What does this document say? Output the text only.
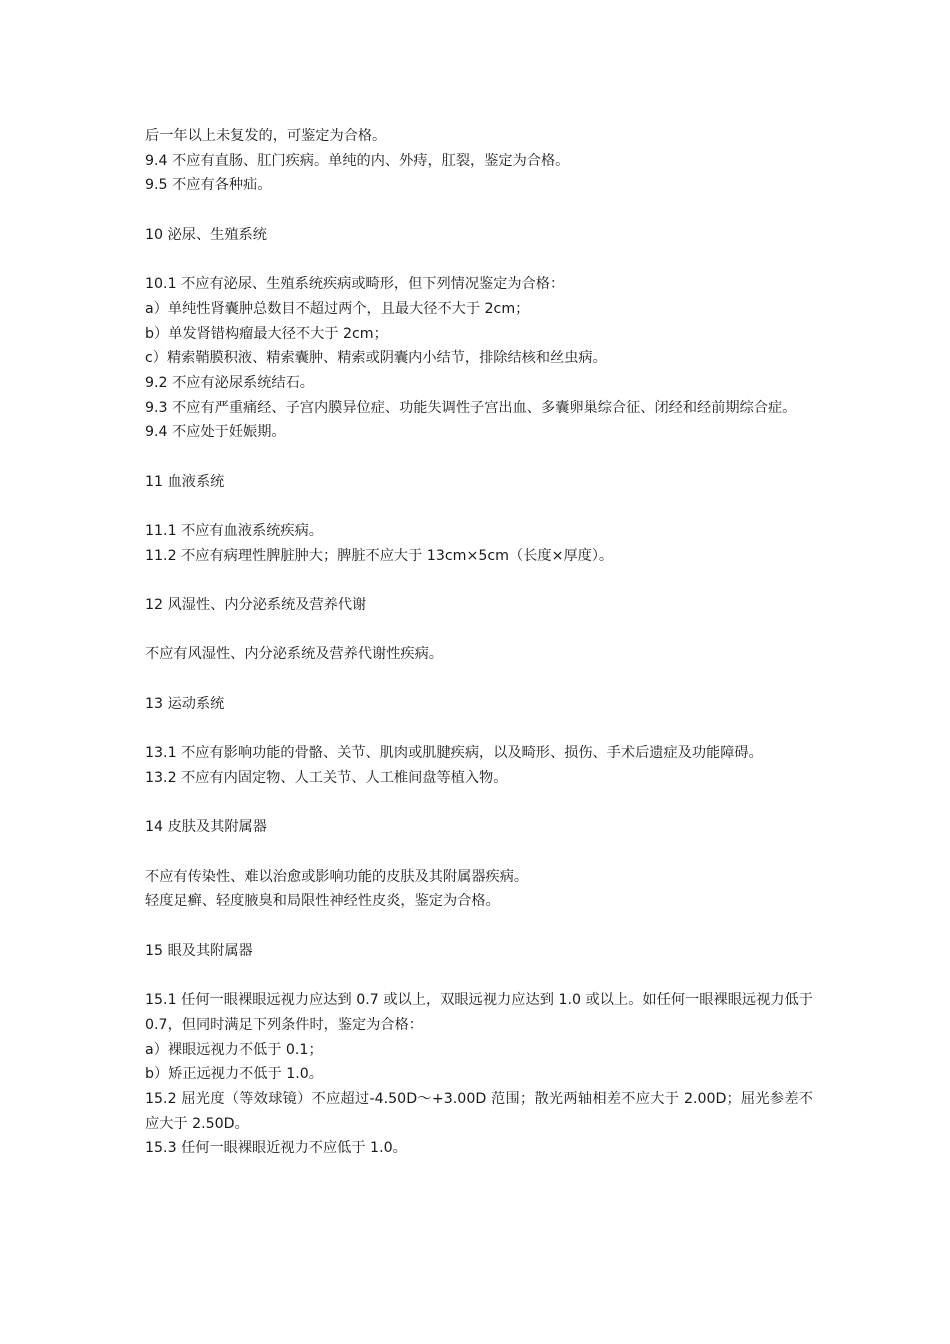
后一年以上未复发的，可鉴定为合格。
9.4 不应有直肠、肛门疾病。单纯的内、外痔，肛裂，鉴定为合格。
9.5 不应有各种疝。
10 泌尿、生殖系统
10.1 不应有泌尿、生殖系统疾病或畸形，但下列情况鉴定为合格：
a）单纯性肾囊肿总数目不超过两个，且最大径不大于 2cm；
b）单发肾错构瘤最大径不大于 2cm；
c）精索鞘膜积液、精索囊肿、精索或阴囊内小结节，排除结核和丝虫病。
9.2 不应有泌尿系统结石。
9.3 不应有严重痛经、子宫内膜异位症、功能失调性子宫出血、多囊卵巢综合征、闭经和经前期综合症。
9.4 不应处于妊娠期。
11 血液系统
11.1 不应有血液系统疾病。
11.2 不应有病理性脾脏肿大；脾脏不应大于 13cm×5cm（长度×厚度）。
12 风湿性、内分泌系统及营养代谢
不应有风湿性、内分泌系统及营养代谢性疾病。
13 运动系统
13.1 不应有影响功能的骨骼、关节、肌肉或肌腱疾病，以及畸形、损伤、手术后遗症及功能障碍。
13.2 不应有内固定物、人工关节、人工椎间盘等植入物。
14 皮肤及其附属器
不应有传染性、难以治愈或影响功能的皮肤及其附属器疾病。
轻度足癣、轻度腋臭和局限性神经性皮炎，鉴定为合格。
15 眼及其附属器
15.1 任何一眼裸眼远视力应达到 0.7 或以上，双眼远视力应达到 1.0 或以上。如任何一眼裸眼远视力低于 0.7，但同时满足下列条件时，鉴定为合格：
a）裸眼远视力不低于 0.1；
b）矫正远视力不低于 1.0。
15.2 屈光度（等效球镜）不应超过-4.50D～+3.00D 范围；散光两轴相差不应大于 2.00D；屈光参差不应大于 2.50D。
15.3 任何一眼裸眼近视力不应低于 1.0。
